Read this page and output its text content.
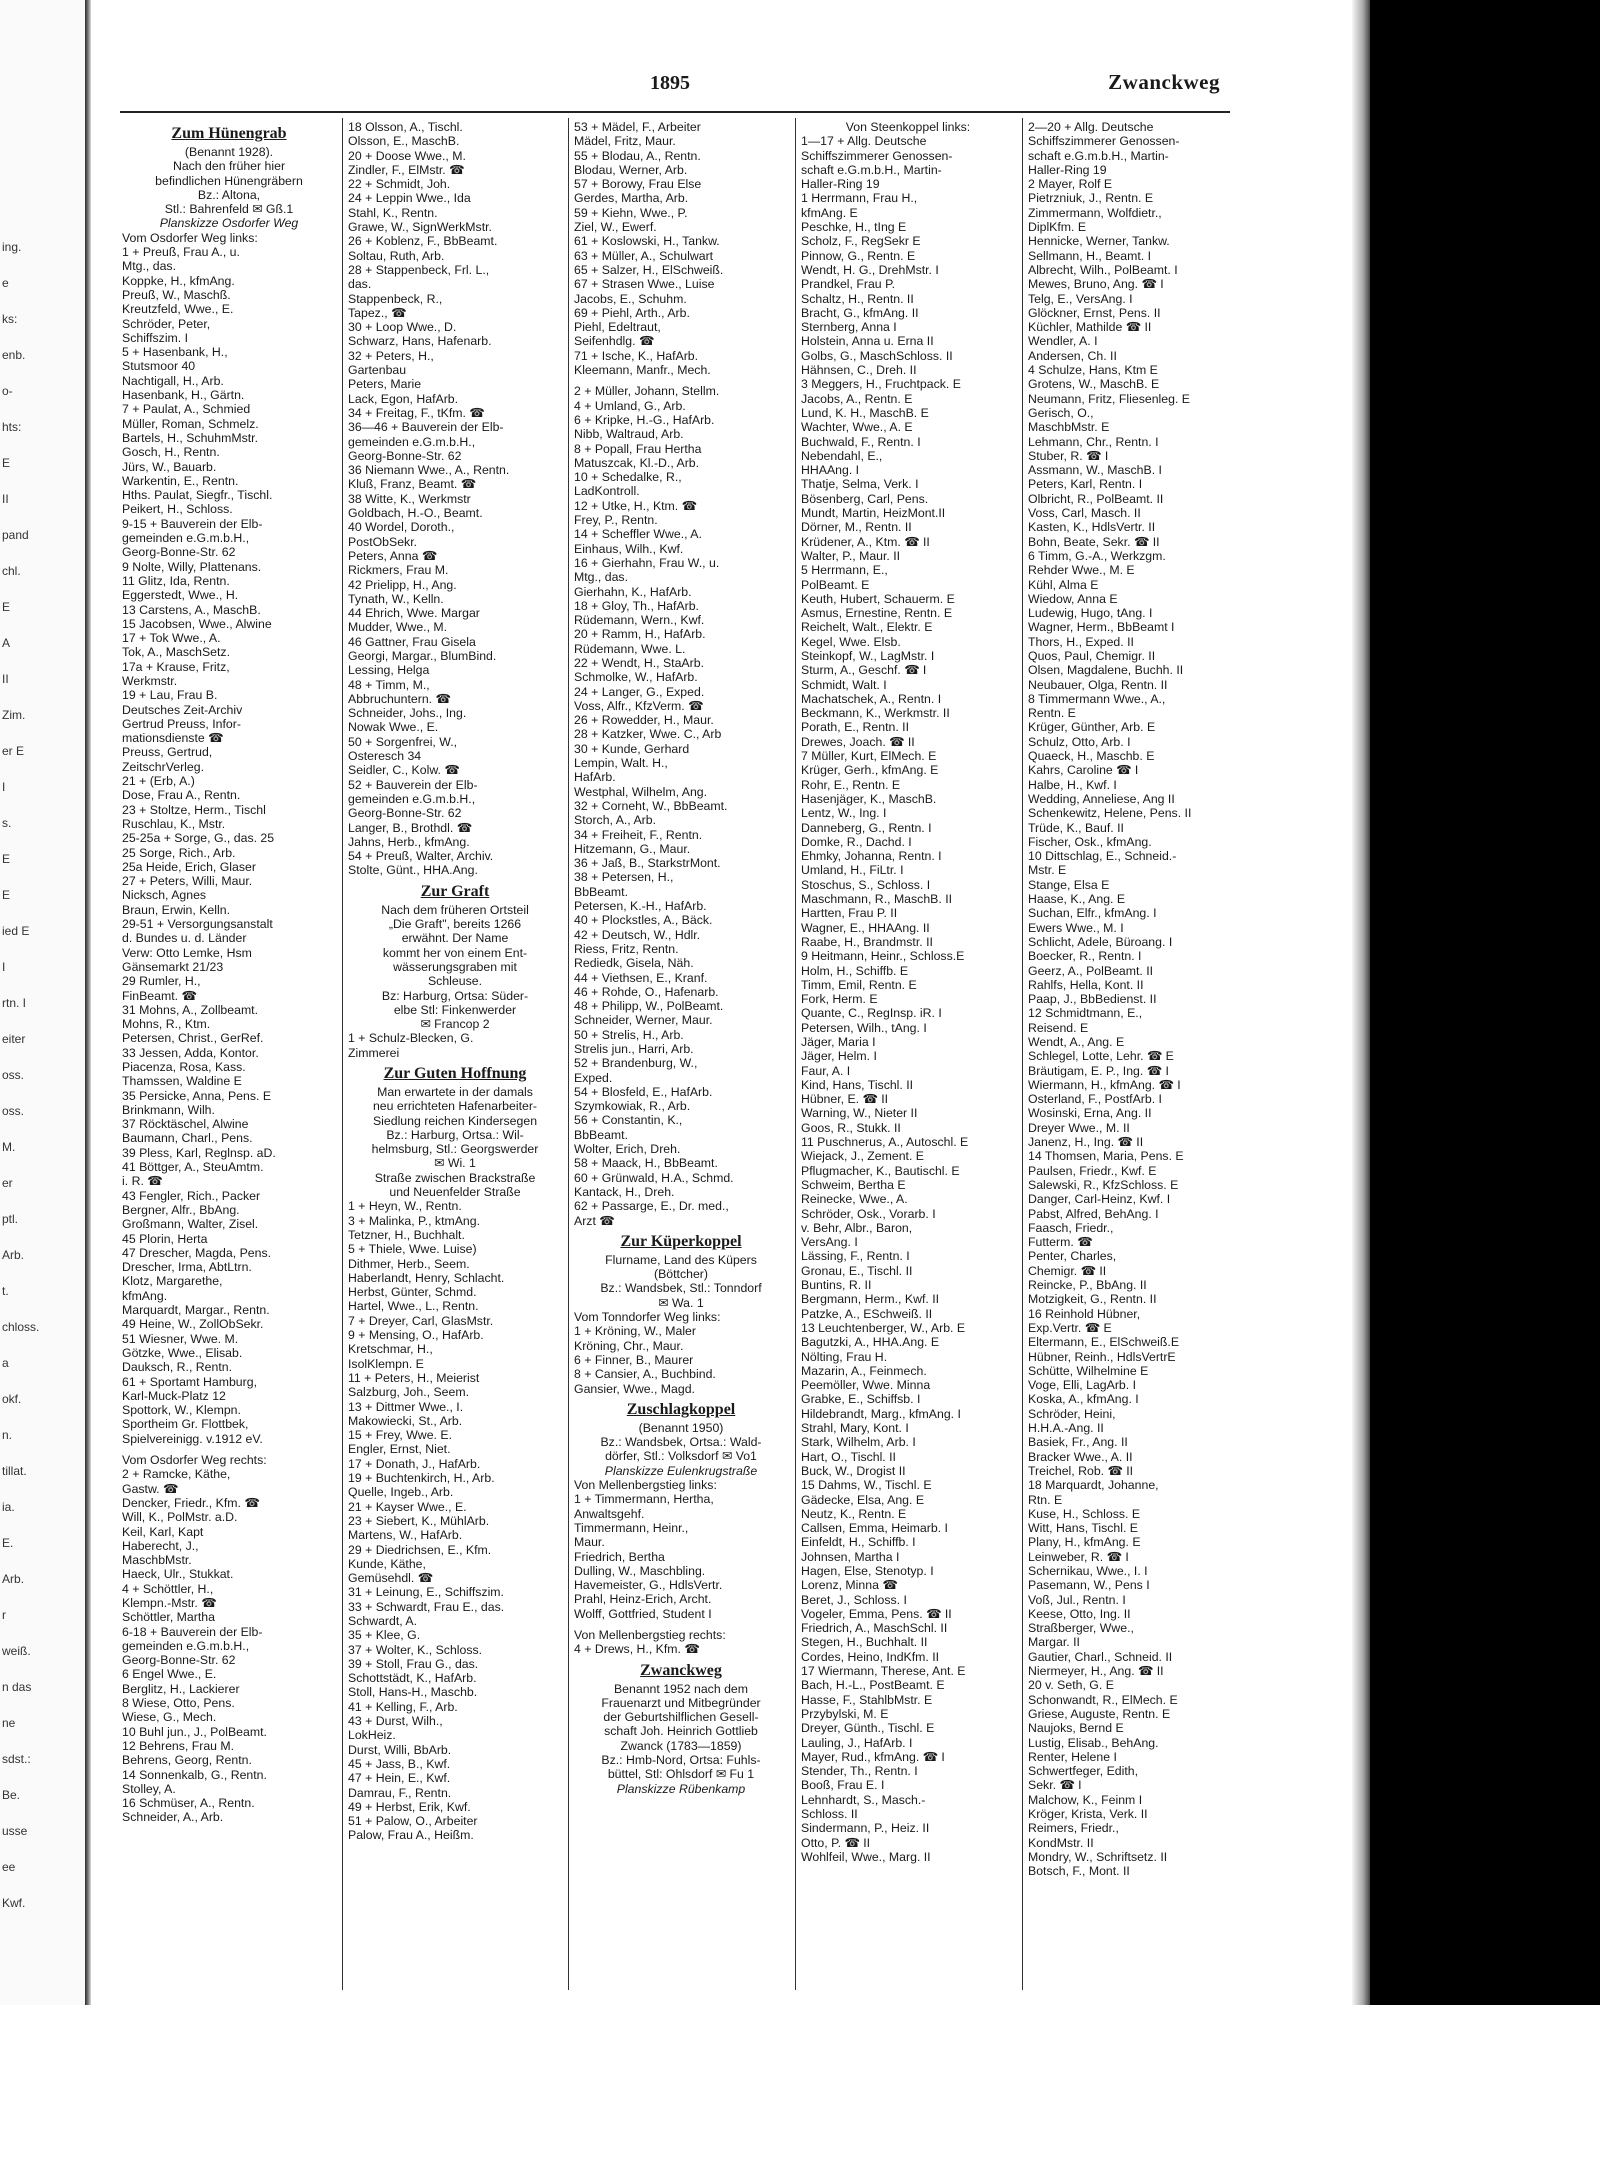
ing.
e
ks:
enb.
o-
hts:
E
II
pand
chl.
E
A
II
Zim.
er E
I
s.
E
E
ied E
I
rtn. I
eiter
oss.
oss.
M.
er
ptl.
Arb.
t.
chloss.
a
okf.
n.
tillat.
ia.
E.
Arb.
r
weiß.
n das
ne
sdst.:
Be.
usse
ee
Kwf.
1895	Zwanckweg
Zum Hünengrab
(Benannt 1928).
Nach den früher hier
befindlichen Hünengräbern
Bz.: Altona,
Stl.: Bahrenfeld ✉ Gß.1
Planskizze Osdorfer Weg
Vom Osdorfer Weg links:
1 + Preuß, Frau A., u.
Mtg., das.
Koppke, H., kfmAng.
Preuß, W., Maschß.
Kreutzfeld, Wwe., E.
Schröder, Peter,
Schiffszim. I
5 + Hasenbank, H.,
Stutsmoor 40
Nachtigall, H., Arb.
Hasenbank, H., Gärtn.
7 + Paulat, A., Schmied
Müller, Roman, Schmelz.
Bartels, H., SchuhmMstr.
Gosch, H., Rentn.
Jürs, W., Bauarb.
Warkentin, E., Rentn.
Hths. Paulat, Siegfr., Tischl.
Peikert, H., Schloss.
9-15 + Bauverein der Elb-
gemeinden e.G.m.b.H.,
Georg-Bonne-Str. 62
9 Nolte, Willy, Plattenans.
11 Glitz, Ida, Rentn.
Eggerstedt, Wwe., H.
13 Carstens, A., MaschB.
15 Jacobsen, Wwe., Alwine
17 + Tok Wwe., A.
Tok, A., MaschSetz.
17a + Krause, Fritz,
Werkmstr.
19 + Lau, Frau B.
Deutsches Zeit-Archiv
Gertrud Preuss, Infor-
mationsdienste ☎
Preuss, Gertrud,
ZeitschrVerleg.
21 + (Erb, A.)
Dose, Frau A., Rentn.
23 + Stoltze, Herm., Tischl
Ruschlau, K., Mstr.
25-25a + Sorge, G., das. 25
25 Sorge, Rich., Arb.
25a Heide, Erich, Glaser
27 + Peters, Willi, Maur.
Nicksch, Agnes
Braun, Erwin, Kelln.
29-51 + Versorgungsanstalt
d. Bundes u. d. Länder
Verw: Otto Lemke, Hsm
Gänsemarkt 21/23
29 Rumler, H.,
FinBeamt. ☎
31 Mohns, A., Zollbeamt.
Mohns, R., Ktm.
Petersen, Christ., GerRef.
33 Jessen, Adda, Kontor.
Piacenza, Rosa, Kass.
Thamssen, Waldine E
35 Persicke, Anna, Pens. E
Brinkmann, Wilh.
37 Röcktäschel, Alwine
Baumann, Charl., Pens.
39 Pless, Karl, Reglnsp. aD.
41 Böttger, A., SteuAmtm.
i. R. ☎
43 Fengler, Rich., Packer
Bergner, Alfr., BbAng.
Großmann, Walter, Zisel.
45 Plorin, Herta
47 Drescher, Magda, Pens.
Drescher, Irma, AbtLtrn.
Klotz, Margarethe,
kfmAng.
Marquardt, Margar., Rentn.
49 Heine, W., ZollObSekr.
51 Wiesner, Wwe. M.
Götzke, Wwe., Elisab.
Dauksch, R., Rentn.
61 + Sportamt Hamburg,
Karl-Muck-Platz 12
Spottork, W., Klempn.
Sportheim Gr. Flottbek,
Spielvereinigg. v.1912 eV.
Vom Osdorfer Weg rechts:
2 + Ramcke, Käthe,
Gastw. ☎
Dencker, Friedr., Kfm. ☎
Will, K., PolMstr. a.D.
Keil, Karl, Kapt
Haberecht, J.,
MaschbMstr.
Haeck, Ulr., Stukkat.
4 + Schöttler, H.,
Klempn.-Mstr. ☎
Schöttler, Martha
6-18 + Bauverein der Elb-
gemeinden e.G.m.b.H.,
Georg-Bonne-Str. 62
6 Engel Wwe., E.
Berglitz, H., Lackierer
8 Wiese, Otto, Pens.
Wiese, G., Mech.
10 Buhl jun., J., PolBeamt.
12 Behrens, Frau M.
Behrens, Georg, Rentn.
14 Sonnenkalb, G., Rentn.
Stolley, A.
16 Schmüser, A., Rentn.
Schneider, A., Arb.
18 Olsson, A., Tischl.
Olsson, E., MaschB.
20 + Doose Wwe., M.
Zindler, F., ElMstr. ☎
22 + Schmidt, Joh.
24 + Leppin Wwe., Ida
Stahl, K., Rentn.
Grawe, W., SignWerkMstr.
26 + Koblenz, F., BbBeamt.
Soltau, Ruth, Arb.
28 + Stappenbeck, Frl. L.,
das.
Stappenbeck, R.,
Tapez., ☎
30 + Loop Wwe., D.
Schwarz, Hans, Hafenarb.
32 + Peters, H.,
Gartenbau
Peters, Marie
Lack, Egon, HafArb.
34 + Freitag, F., tKfm. ☎
36—46 + Bauverein der Elb-
gemeinden e.G.m.b.H.,
Georg-Bonne-Str. 62
36 Niemann Wwe., A., Rentn.
Kluß, Franz, Beamt. ☎
38 Witte, K., Werkmstr
Goldbach, H.-O., Beamt.
40 Wordel, Doroth.,
PostObSekr.
Peters, Anna ☎
Rickmers, Frau M.
42 Prielipp, H., Ang.
Tynath, W., Kelln.
44 Ehrich, Wwe. Margar
Mudder, Wwe., M.
46 Gattner, Frau Gisela
Georgi, Margar., BlumBind.
Lessing, Helga
48 + Timm, M.,
Abbruchuntern. ☎
Schneider, Johs., Ing.
Nowak Wwe., E.
50 + Sorgenfrei, W.,
Osteresch 34
Seidler, C., Kolw. ☎
52 + Bauverein der Elb-
gemeinden e.G.m.b.H.,
Georg-Bonne-Str. 62
Langer, B., Brothdl. ☎
Jahns, Herb., kfmAng.
54 + Preuß, Walter, Archiv.
Stolte, Günt., HHA.Ang.
Zur Graft
Nach dem früheren Ortsteil
„Die Graft", bereits 1266
erwähnt. Der Name
kommt her von einem Ent-
wässerungsgraben mit
Schleuse.
Bz: Harburg, Ortsa: Süder-
elbe Stl: Finkenwerder
✉ Francop 2
1 + Schulz-Blecken, G.
Zimmerei
Zur Guten Hoffnung
Man erwartete in der damals
neu errichteten Hafenarbeiter-
Siedlung reichen Kindersegen
Bz.: Harburg, Ortsa.: Wil-
helmsburg, Stl.: Georgswerder
✉ Wi. 1
Straße zwischen Brackstraße
und Neuenfelder Straße
1 + Heyn, W., Rentn.
3 + Malinka, P., ktmAng.
Tetzner, H., Buchhalt.
5 + Thiele, Wwe. Luise)
Dithmer, Herb., Seem.
Haberlandt, Henry, Schlacht.
Herbst, Günter, Schmd.
Hartel, Wwe., L., Rentn.
7 + Dreyer, Carl, GlasMstr.
9 + Mensing, O., HafArb.
Kretschmar, H.,
IsolKlempn. E
11 + Peters, H., Meierist
Salzburg, Joh., Seem.
13 + Dittmer Wwe., I.
Makowiecki, St., Arb.
15 + Frey, Wwe. E.
Engler, Ernst, Niet.
17 + Donath, J., HafArb.
19 + Buchtenkirch, H., Arb.
Quelle, Ingeb., Arb.
21 + Kayser Wwe., E.
23 + Siebert, K., MühlArb.
Martens, W., HafArb.
29 + Diedrichsen, E., Kfm.
Kunde, Käthe,
Gemüsehdl. ☎
31 + Leinung, E., Schiffszim.
33 + Schwardt, Frau E., das.
Schwardt, A.
35 + Klee, G.
37 + Wolter, K., Schloss.
39 + Stoll, Frau G., das.
Schottstädt, K., HafArb.
Stoll, Hans-H., Maschb.
41 + Kelling, F., Arb.
43 + Durst, Wilh.,
LokHeiz.
Durst, Willi, BbArb.
45 + Jass, B., Kwf.
47 + Hein, E., Kwf.
Damrau, F., Rentn.
49 + Herbst, Erik, Kwf.
51 + Palow, O., Arbeiter
Palow, Frau A., Heißm.
53 + Mädel, F., Arbeiter
Mädel, Fritz, Maur.
55 + Blodau, A., Rentn.
Blodau, Werner, Arb.
57 + Borowy, Frau Else
Gerdes, Martha, Arb.
59 + Kiehn, Wwe., P.
Ziel, W., Ewerf.
61 + Koslowski, H., Tankw.
63 + Müller, A., Schulwart
65 + Salzer, H., ElSchweiß.
67 + Strasen Wwe., Luise
Jacobs, E., Schuhm.
69 + Piehl, Arth., Arb.
Piehl, Edeltraut,
Seifenhdlg. ☎
71 + Ische, K., HafArb.
Kleemann, Manfr., Mech.
2 + Müller, Johann, Stellm.
4 + Umland, G., Arb.
6 + Kripke, H.-G., HafArb.
Nibb, Waltraud, Arb.
8 + Popall, Frau Hertha
Matuszcak, Kl.-D., Arb.
10 + Schedalke, R.,
LadKontroll.
12 + Utke, H., Ktm. ☎
Frey, P., Rentn.
14 + Scheffler Wwe., A.
Einhaus, Wilh., Kwf.
16 + Gierhahn, Frau W., u.
Mtg., das.
Gierhahn, K., HafArb.
18 + Gloy, Th., HafArb.
Rüdemann, Wern., Kwf.
20 + Ramm, H., HafArb.
Rüdemann, Wwe. L.
22 + Wendt, H., StaArb.
Schmolke, W., HafArb.
24 + Langer, G., Exped.
Voss, Alfr., KfzVerm. ☎
26 + Rowedder, H., Maur.
28 + Katzker, Wwe. C., Arb
30 + Kunde, Gerhard
Lempin, Walt. H.,
HafArb.
Westphal, Wilhelm, Ang.
32 + Corneht, W., BbBeamt.
Storch, A., Arb.
34 + Freiheit, F., Rentn.
Hitzemann, G., Maur.
36 + Jaß, B., StarkstrMont.
38 + Petersen, H.,
BbBeamt.
Petersen, K.-H., HafArb.
40 + Plockstles, A., Bäck.
42 + Deutsch, W., Hdlr.
Riess, Fritz, Rentn.
Rediedk, Gisela, Näh.
44 + Viethsen, E., Kranf.
46 + Rohde, O., Hafenarb.
48 + Philipp, W., PolBeamt.
Schneider, Werner, Maur.
50 + Strelis, H., Arb.
Strelis jun., Harri, Arb.
52 + Brandenburg, W.,
Exped.
54 + Blosfeld, E., HafArb.
Szymkowiak, R., Arb.
56 + Constantin, K.,
BbBeamt.
Wolter, Erich, Dreh.
58 + Maack, H., BbBeamt.
60 + Grünwald, H.A., Schmd.
Kantack, H., Dreh.
62 + Passarge, E., Dr. med.,
Arzt ☎
Zur Küperkoppel
Flurname, Land des Küpers
(Böttcher)
Bz.: Wandsbek, Stl.: Tonndorf
✉ Wa. 1
Vom Tonndorfer Weg links:
1 + Kröning, W., Maler
Kröning, Chr., Maur.
6 + Finner, B., Maurer
8 + Cansier, A., Buchbind.
Gansier, Wwe., Magd.
Zuschlagkoppel
(Benannt 1950)
Bz.: Wandsbek, Ortsa.: Wald-
dörfer, Stl.: Volksdorf ✉ Vo1
Planskizze Eulenkrugstraße
Von Mellenbergstieg links:
1 + Timmermann, Hertha,
Anwaltsgehf.
Timmermann, Heinr.,
Maur.
Friedrich, Bertha
Dulling, W., Maschbling.
Havemeister, G., HdlsVertr.
Prahl, Heinz-Erich, Archt.
Wolff, Gottfried, Student I
Von Mellenbergstieg rechts:
4 + Drews, H., Kfm. ☎
Zwanckweg
Benannt 1952 nach dem
Frauenarzt und Mitbegründer
der Geburtshilflichen Gesell-
schaft Joh. Heinrich Gottlieb
Zwanck (1783—1859)
Bz.: Hmb-Nord, Ortsa: Fuhls-
büttel, Stl: Ohlsdorf ✉ Fu 1
Planskizze Rübenkamp
Von Steenkoppel links:
1—17 + Allg. Deutsche
Schiffszimmerer Genossen-
schaft e.G.m.b.H., Martin-
Haller-Ring 19
1 Herrmann, Frau H.,
kfmAng. E
Peschke, H., tIng E
Scholz, F., RegSekr E
Pinnow, G., Rentn. E
Wendt, H. G., DrehMstr. I
Prandkel, Frau P.
Schaltz, H., Rentn. II
Bracht, G., kfmAng. II
Sternberg, Anna I
Holstein, Anna u. Erna II
Golbs, G., MaschSchloss. II
Hähnsen, C., Dreh. II
3 Meggers, H., Fruchtpack. E
Jacobs, A., Rentn. E
Lund, K. H., MaschB. E
Wachter, Wwe., A. E
Buchwald, F., Rentn. I
Nebendahl, E.,
HHAAng. I
Thatje, Selma, Verk. I
Bösenberg, Carl, Pens.
Mundt, Martin, HeizMont.II
Dörner, M., Rentn. II
Krüdener, A., Ktm. ☎ II
Walter, P., Maur. II
5 Herrmann, E.,
PolBeamt. E
Keuth, Hubert, Schauerm. E
Asmus, Ernestine, Rentn. E
Reichelt, Walt., Elektr. E
Kegel, Wwe. Elsb.
Steinkopf, W., LagMstr. I
Sturm, A., Geschf. ☎ I
Schmidt, Walt. I
Machatschek, A., Rentn. I
Beckmann, K., Werkmstr. II
Porath, E., Rentn. II
Drewes, Joach. ☎ II
7 Müller, Kurt, ElMech. E
Krüger, Gerh., kfmAng. E
Rohr, E., Rentn. E
Hasenjäger, K., MaschB.
Lentz, W., Ing. I
Danneberg, G., Rentn. I
Domke, R., Dachd. I
Ehmky, Johanna, Rentn. I
Umland, H., FiLtr. I
Stoschus, S., Schloss. I
Maschmann, R., MaschB. II
Hartten, Frau P. II
Wagner, E., HHAAng. II
Raabe, H., Brandmstr. II
9 Heitmann, Heinr., Schloss.E
Holm, H., Schiffb. E
Timm, Emil, Rentn. E
Fork, Herm. E
Quante, C., RegInsp. iR. I
Petersen, Wilh., tAng. I
Jäger, Maria I
Jäger, Helm. I
Faur, A. I
Kind, Hans, Tischl. II
Hübner, E. ☎ II
Warning, W., Nieter II
Goos, R., Stukk. II
11 Puschnerus, A., Autoschl. E
Wiejack, J., Zement. E
Pflugmacher, K., Bautischl. E
Schweim, Bertha E
Reinecke, Wwe., A.
Schröder, Osk., Vorarb. I
v. Behr, Albr., Baron,
VersAng. I
Lässing, F., Rentn. I
Gronau, E., Tischl. II
Buntins, R. II
Bergmann, Herm., Kwf. II
Patzke, A., ESchweiß. II
13 Leuchtenberger, W., Arb. E
Bagutzki, A., HHA.Ang. E
Nölting, Frau H.
Mazarin, A., Feinmech.
Peemöller, Wwe. Minna
Grabke, E., Schiffsb. I
Hildebrandt, Marg., kfmAng. I
Strahl, Mary, Kont. I
Stark, Wilhelm, Arb. I
Hart, O., Tischl. II
Buck, W., Drogist II
15 Dahms, W., Tischl. E
Gädecke, Elsa, Ang. E
Neutz, K., Rentn. E
Callsen, Emma, Heimarb. I
Einfeldt, H., Schiffb. I
Johnsen, Martha I
Hagen, Else, Stenotyp. I
Lorenz, Minna ☎
Beret, J., Schloss. I
Vogeler, Emma, Pens. ☎ II
Friedrich, A., MaschSchl. II
Stegen, H., Buchhalt. II
Cordes, Heino, IndKfm. II
17 Wiermann, Therese, Ant. E
Bach, H.-L., PostBeamt. E
Hasse, F., StahlbMstr. E
Przybylski, M. E
Dreyer, Günth., Tischl. E
Lauling, J., HafArb. I
Mayer, Rud., kfmAng. ☎ I
Stender, Th., Rentn. I
Booß, Frau E. I
Lehnhardt, S., Masch.-
Schloss. II
Sindermann, P., Heiz. II
Otto, P. ☎ II
Wohlfeil, Wwe., Marg. II
2—20 + Allg. Deutsche
Schiffszimmerer Genossen-
schaft e.G.m.b.H., Martin-
Haller-Ring 19
2 Mayer, Rolf E
Pietrzniuk, J., Rentn. E
Zimmermann, Wolfdietr.,
DiplKfm. E
Hennicke, Werner, Tankw.
Sellmann, H., Beamt. I
Albrecht, Wilh., PolBeamt. I
Mewes, Bruno, Ang. ☎ I
Telg, E., VersAng. I
Glöckner, Ernst, Pens. II
Küchler, Mathilde ☎ II
Wendler, A. I
Andersen, Ch. II
4 Schulze, Hans, Ktm E
Grotens, W., MaschB. E
Neumann, Fritz, Fliesenleg. E
Gerisch, O.,
MaschbMstr. E
Lehmann, Chr., Rentn. I
Stuber, R. ☎ I
Assmann, W., MaschB. I
Peters, Karl, Rentn. I
Olbricht, R., PolBeamt. II
Voss, Carl, Masch. II
Kasten, K., HdlsVertr. II
Bohn, Beate, Sekr. ☎ II
6 Timm, G.-A., Werkzgm.
Rehder Wwe., M. E
Kühl, Alma E
Wiedow, Anna E
Ludewig, Hugo, tAng. I
Wagner, Herm., BbBeamt I
Thors, H., Exped. II
Quos, Paul, Chemigr. II
Olsen, Magdalene, Buchh. II
Neubauer, Olga, Rentn. II
8 Timmermann Wwe., A.,
Rentn. E
Krüger, Günther, Arb. E
Schulz, Otto, Arb. I
Quaeck, H., Maschb. E
Kahrs, Caroline ☎ I
Halbe, H., Kwf. I
Wedding, Anneliese, Ang II
Schenkewitz, Helene, Pens. II
Trüde, K., Bauf. II
Fischer, Osk., kfmAng.
10 Dittschlag, E., Schneid.-
Mstr. E
Stange, Elsa E
Haase, K., Ang. E
Suchan, Elfr., kfmAng. I
Ewers Wwe., M. I
Schlicht, Adele, Büroang. I
Boecker, R., Rentn. I
Geerz, A., PolBeamt. II
Rahlfs, Hella, Kont. II
Paap, J., BbBedienst. II
12 Schmidtmann, E.,
Reisend. E
Wendt, A., Ang. E
Schlegel, Lotte, Lehr. ☎ E
Bräutigam, E. P., Ing. ☎ I
Wiermann, H., kfmAng. ☎ I
Osterland, F., PostfArb. I
Wosinski, Erna, Ang. II
Dreyer Wwe., M. II
Janenz, H., Ing. ☎ II
14 Thomsen, Maria, Pens. E
Paulsen, Friedr., Kwf. E
Salewski, R., KfzSchloss. E
Danger, Carl-Heinz, Kwf. I
Pabst, Alfred, BehAng. I
Faasch, Friedr.,
Futterm. ☎
Penter, Charles,
Chemigr. ☎ II
Reincke, P., BbAng. II
Motzigkeit, G., Rentn. II
16 Reinhold Hübner,
Exp.Vertr. ☎ E
Eltermann, E., ElSchweiß.E
Hübner, Reinh., HdlsVertrE
Schütte, Wilhelmine E
Voge, Elli, LagArb. I
Koska, A., kfmAng. I
Schröder, Heini,
H.H.A.-Ang. II
Basiek, Fr., Ang. II
Bracker Wwe., A. II
Treichel, Rob. ☎ II
18 Marquardt, Johanne,
Rtn. E
Kuse, H., Schloss. E
Witt, Hans, Tischl. E
Plany, H., kfmAng. E
Leinweber, R. ☎ I
Schernikau, Wwe., I. I
Pasemann, W., Pens I
Voß, Jul., Rentn. I
Keese, Otto, Ing. II
Straßberger, Wwe.,
Margar. II
Gautier, Charl., Schneid. II
Niermeyer, H., Ang. ☎ II
20 v. Seth, G. E
Schonwandt, R., ElMech. E
Griese, Auguste, Rentn. E
Naujoks, Bernd E
Lustig, Elisab., BehAng.
Renter, Helene I
Schwertfeger, Edith,
Sekr. ☎ I
Malchow, K., Feinm I
Kröger, Krista, Verk. II
Reimers, Friedr.,
KondMstr. II
Mondry, W., Schriftsetz. II
Botsch, F., Mont. II
